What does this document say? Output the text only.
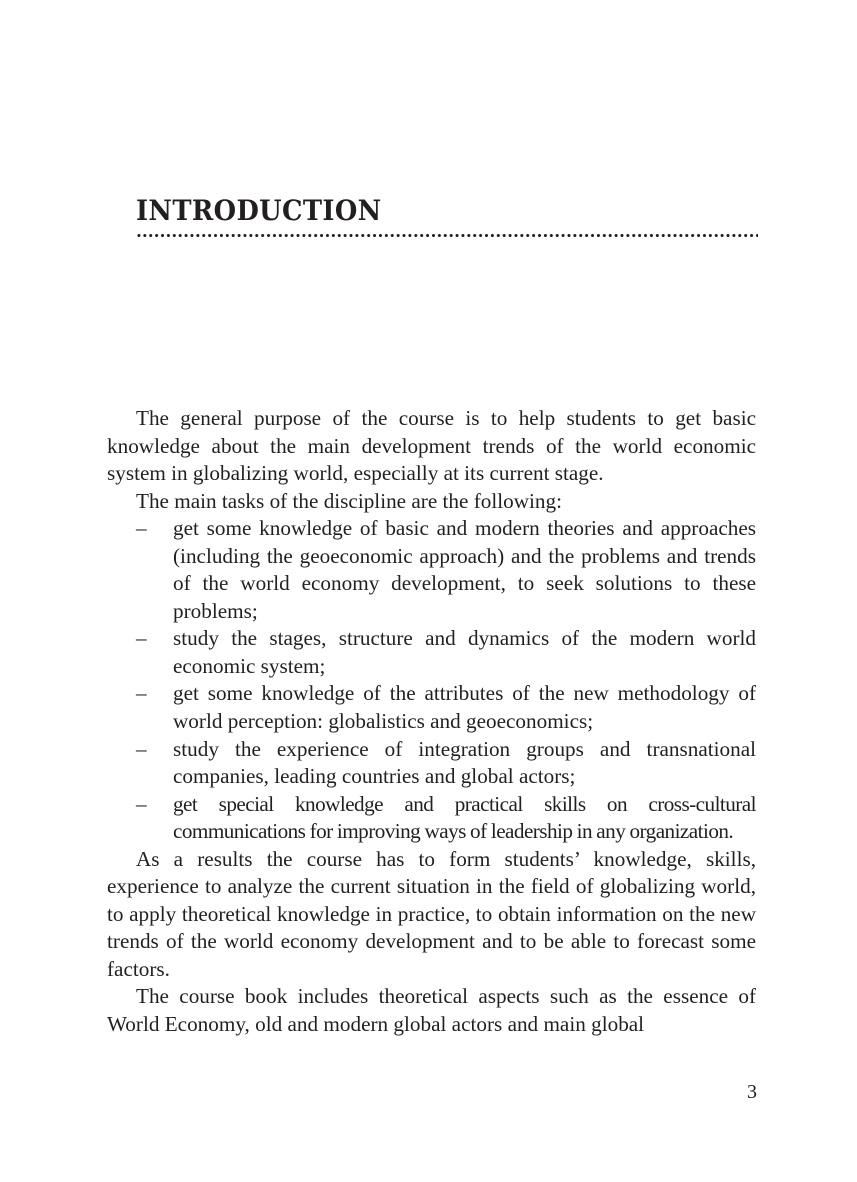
INTRODUCTION

The general purpose of the course is to help students to get basic knowledge about the main development trends of the world economic system in globalizing world, especially at its current stage.

The main tasks of the discipline are the following:

– get some knowledge of basic and modern theories and approaches (including the geoeconomic approach) and the problems and trends of the world economy development, to seek solutions to these problems;
– study the stages, structure and dynamics of the modern world economic system;
– get some knowledge of the attributes of the new methodology of world perception: globalistics and geoeconomics;
– study the experience of integration groups and transnational companies, leading countries and global actors;
– get special knowledge and practical skills on cross-cultural communications for improving ways of leadership in any organization.

As a results the course has to form students’ knowledge, skills, experience to analyze the current situation in the field of globalizing world, to apply theoretical knowledge in practice, to obtain information on the new trends of the world economy development and to be able to forecast some factors.

The course book includes theoretical aspects such as the essence of World Economy, old and modern global actors and main global

3
